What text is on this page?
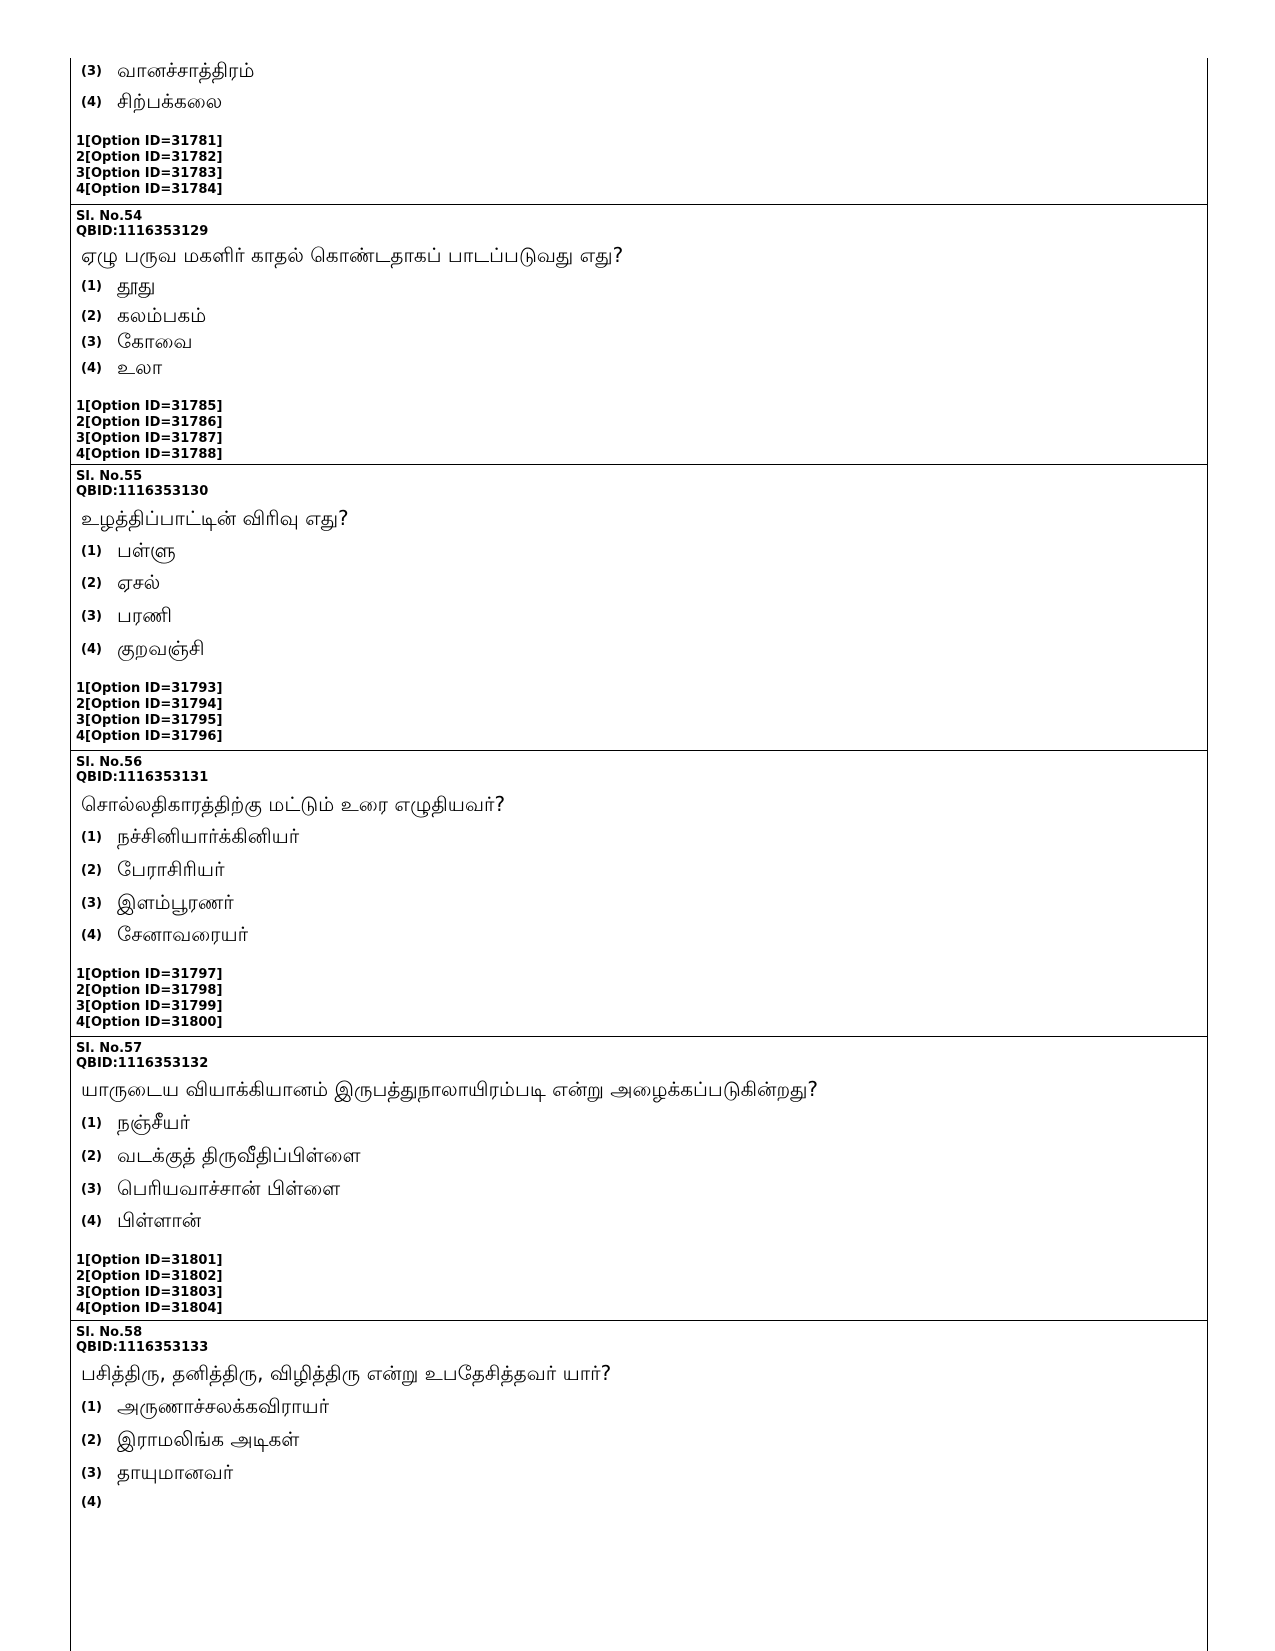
(3) வானச்சாத்திரம்
(4) சிற்பக்கலை
1[Option ID=31781]
2[Option ID=31782]
3[Option ID=31783]
4[Option ID=31784]
Sl. No.54
QBID:1116353129
ஏழு பருவ மகளிர் காதல் கொண்டதாகப் பாடப்படுவது எது?
(1) தூது
(2) கலம்பகம்
(3) கோவை
(4) உலா
1[Option ID=31785]
2[Option ID=31786]
3[Option ID=31787]
4[Option ID=31788]
Sl. No.55
QBID:1116353130
உழத்திப்பாட்டின் விரிவு எது?
(1) பள்ளு
(2) ஏசல்
(3) பரணி
(4) குறவஞ்சி
1[Option ID=31793]
2[Option ID=31794]
3[Option ID=31795]
4[Option ID=31796]
Sl. No.56
QBID:1116353131
சொல்லதிகாரத்திற்கு மட்டும் உரை எழுதியவர்?
(1) நச்சினியார்க்கினியர்
(2) பேராசிரியர்
(3) இளம்பூரணர்
(4) சேனாவரையர்
1[Option ID=31797]
2[Option ID=31798]
3[Option ID=31799]
4[Option ID=31800]
Sl. No.57
QBID:1116353132
யாருடைய வியாக்கியானம் இருபத்துநாலாயிரம்படி என்று அழைக்கப்படுகின்றது?
(1) நஞ்சீயர்
(2) வடக்குத் திருவீதிப்பிள்ளை
(3) பெரியவாச்சான் பிள்ளை
(4) பிள்ளான்
1[Option ID=31801]
2[Option ID=31802]
3[Option ID=31803]
4[Option ID=31804]
Sl. No.58
QBID:1116353133
பசித்திரு, தனித்திரு, விழித்திரு என்று உபதேசித்தவர் யார்?
(1) அருணாச்சலக்கவிராயர்
(2) இராமலிங்க அடிகள்
(3) தாயுமானவர்
(4)
